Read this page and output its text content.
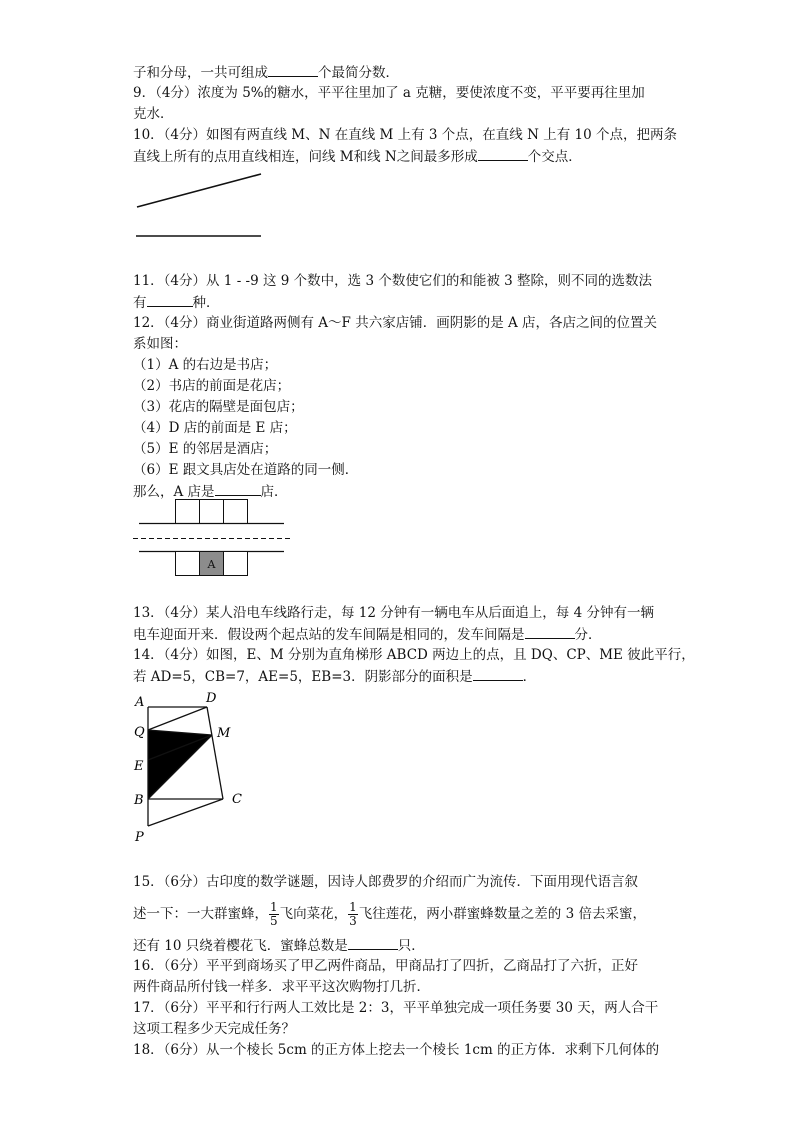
子和分母，一共可组成	个最简分数．
9．（4分）浓度为 5%的糖水，平平往里加了 a 克糖，要使浓度不变，平平要再往里加
克水．
10．（4分）如图有两直线 M、N 在直线 M 上有 3 个点，在直线 N 上有 10 个点，把两条
直线上所有的点用直线相连，问线 M和线 N之间最多形成	个交点．
11．（4分）从 1 - -9 这 9 个数中，选 3 个数使它们的和能被 3 整除，则不同的选数法
有	种．
12．（4分）商业街道路两侧有 A～F 共六家店铺．画阴影的是 A 店，各店之间的位置关
系如图：
（1）A 的右边是书店；
（2）书店的前面是花店；
（3）花店的隔壁是面包店；
（4）D 店的前面是 E 店；
（5）E 的邻居是酒店；
（6）E 跟文具店处在道路的同一侧．
那么，A 店是	店．
A
13．（4分）某人沿电车线路行走，每 12 分钟有一辆电车从后面追上，每 4 分钟有一辆
电车迎面开来．假设两个起点站的发车间隔是相同的，发车间隔是	分．
14．（4分）如图，E、M 分别为直角梯形 ABCD 两边上的点，且 DQ、CP、ME 彼此平行，
若 AD=5，CB=7，AE=5，EB=3．阴影部分的面积是	．
A	D
Q	M
E
B	C
P
15．（6分）古印度的数学谜题，因诗人郎费罗的介绍而广为流传．下面用现代语言叙
述一下：一大群蜜蜂， $\frac{1}{5}$ 飞向菜花， $\frac{1}{3}$ 飞往莲花，两小群蜜蜂数量之差的 3 倍去采蜜，
还有 10 只绕着樱花飞．蜜蜂总数是	只．
16．（6分）平平到商场买了甲乙两件商品，甲商品打了四折，乙商品打了六折，正好
两件商品所付钱一样多．求平平这次购物打几折．
17．（6分）平平和行行两人工效比是 2：3，平平单独完成一项任务要 30 天，两人合干
这项工程多少天完成任务？
18．（6分）从一个棱长 5cm 的正方体上挖去一个棱长 1cm 的正方体．求剩下几何体的
